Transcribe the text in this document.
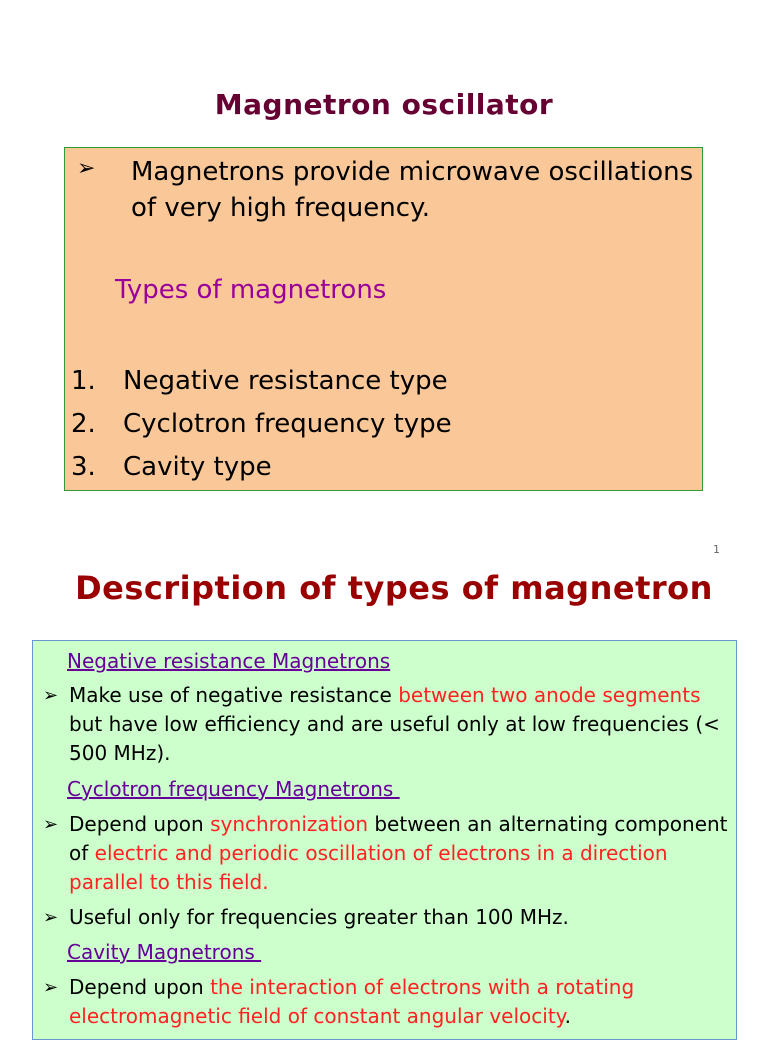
Magnetron oscillator
➢ Magnetrons provide microwave oscillations of very high frequency.
Types of magnetrons
1.	Negative resistance type
2.	Cyclotron frequency type
3.	Cavity type
1
Description of types of magnetron
Negative resistance Magnetrons
➢ Make use of negative resistance between two anode segments but have low efficiency and are useful only at low frequencies (< 500 MHz).
Cyclotron frequency Magnetrons
➢ Depend upon synchronization between an alternating component of electric and periodic oscillation of electrons in a direction parallel to this field.
➢ Useful only for frequencies greater than 100 MHz.
Cavity Magnetrons
➢ Depend upon the interaction of electrons with a rotating electromagnetic field of constant angular velocity.
